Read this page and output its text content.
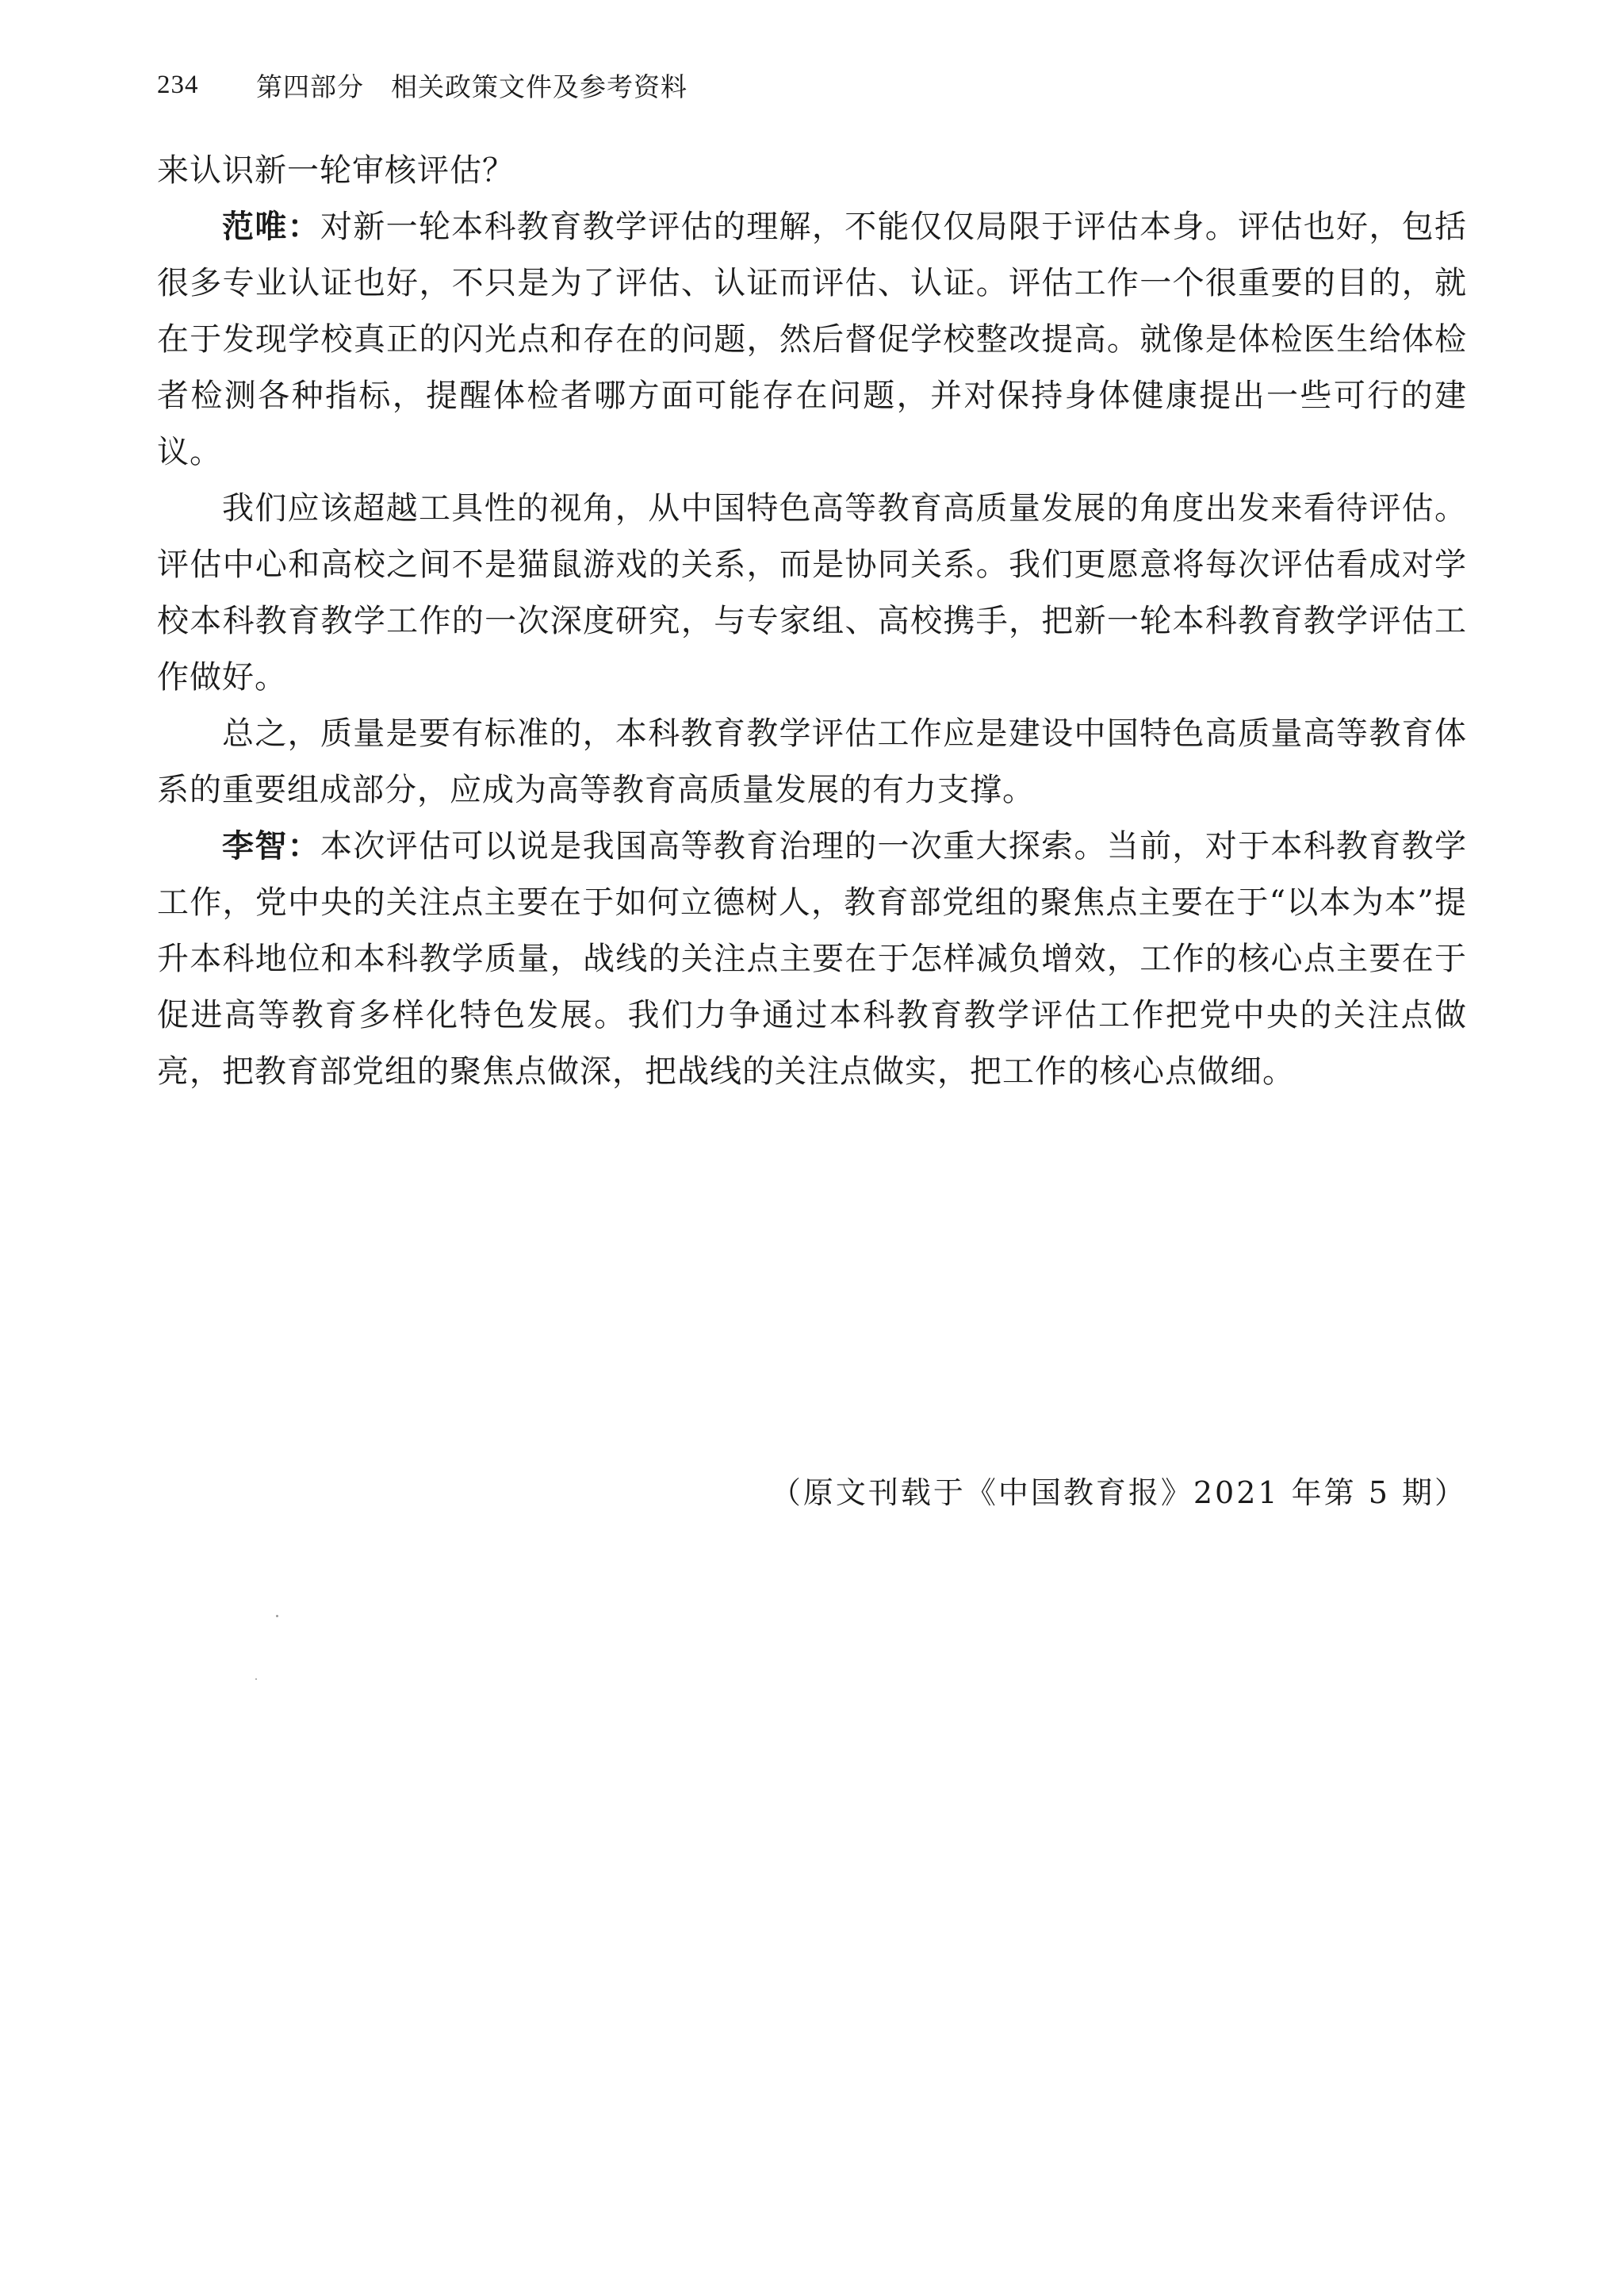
234	第四部分　相关政策文件及参考资料

来认识新一轮审核评估？

范唯：对新一轮本科教育教学评估的理解，不能仅仅局限于评估本身。评估也好，包括很多专业认证也好，不只是为了评估、认证而评估、认证。评估工作一个很重要的目的，就在于发现学校真正的闪光点和存在的问题，然后督促学校整改提高。就像是体检医生给体检者检测各种指标，提醒体检者哪方面可能存在问题，并对保持身体健康提出一些可行的建议。

我们应该超越工具性的视角，从中国特色高等教育高质量发展的角度出发来看待评估。评估中心和高校之间不是猫鼠游戏的关系，而是协同关系。我们更愿意将每次评估看成对学校本科教育教学工作的一次深度研究，与专家组、高校携手，把新一轮本科教育教学评估工作做好。

总之，质量是要有标准的，本科教育教学评估工作应是建设中国特色高质量高等教育体系的重要组成部分，应成为高等教育高质量发展的有力支撑。

李智：本次评估可以说是我国高等教育治理的一次重大探索。当前，对于本科教育教学工作，党中央的关注点主要在于如何立德树人，教育部党组的聚焦点主要在于“以本为本”提升本科地位和本科教学质量，战线的关注点主要在于怎样减负增效，工作的核心点主要在于促进高等教育多样化特色发展。我们力争通过本科教育教学评估工作把党中央的关注点做亮，把教育部党组的聚焦点做深，把战线的关注点做实，把工作的核心点做细。

（原文刊载于《中国教育报》2021 年第 5 期）
